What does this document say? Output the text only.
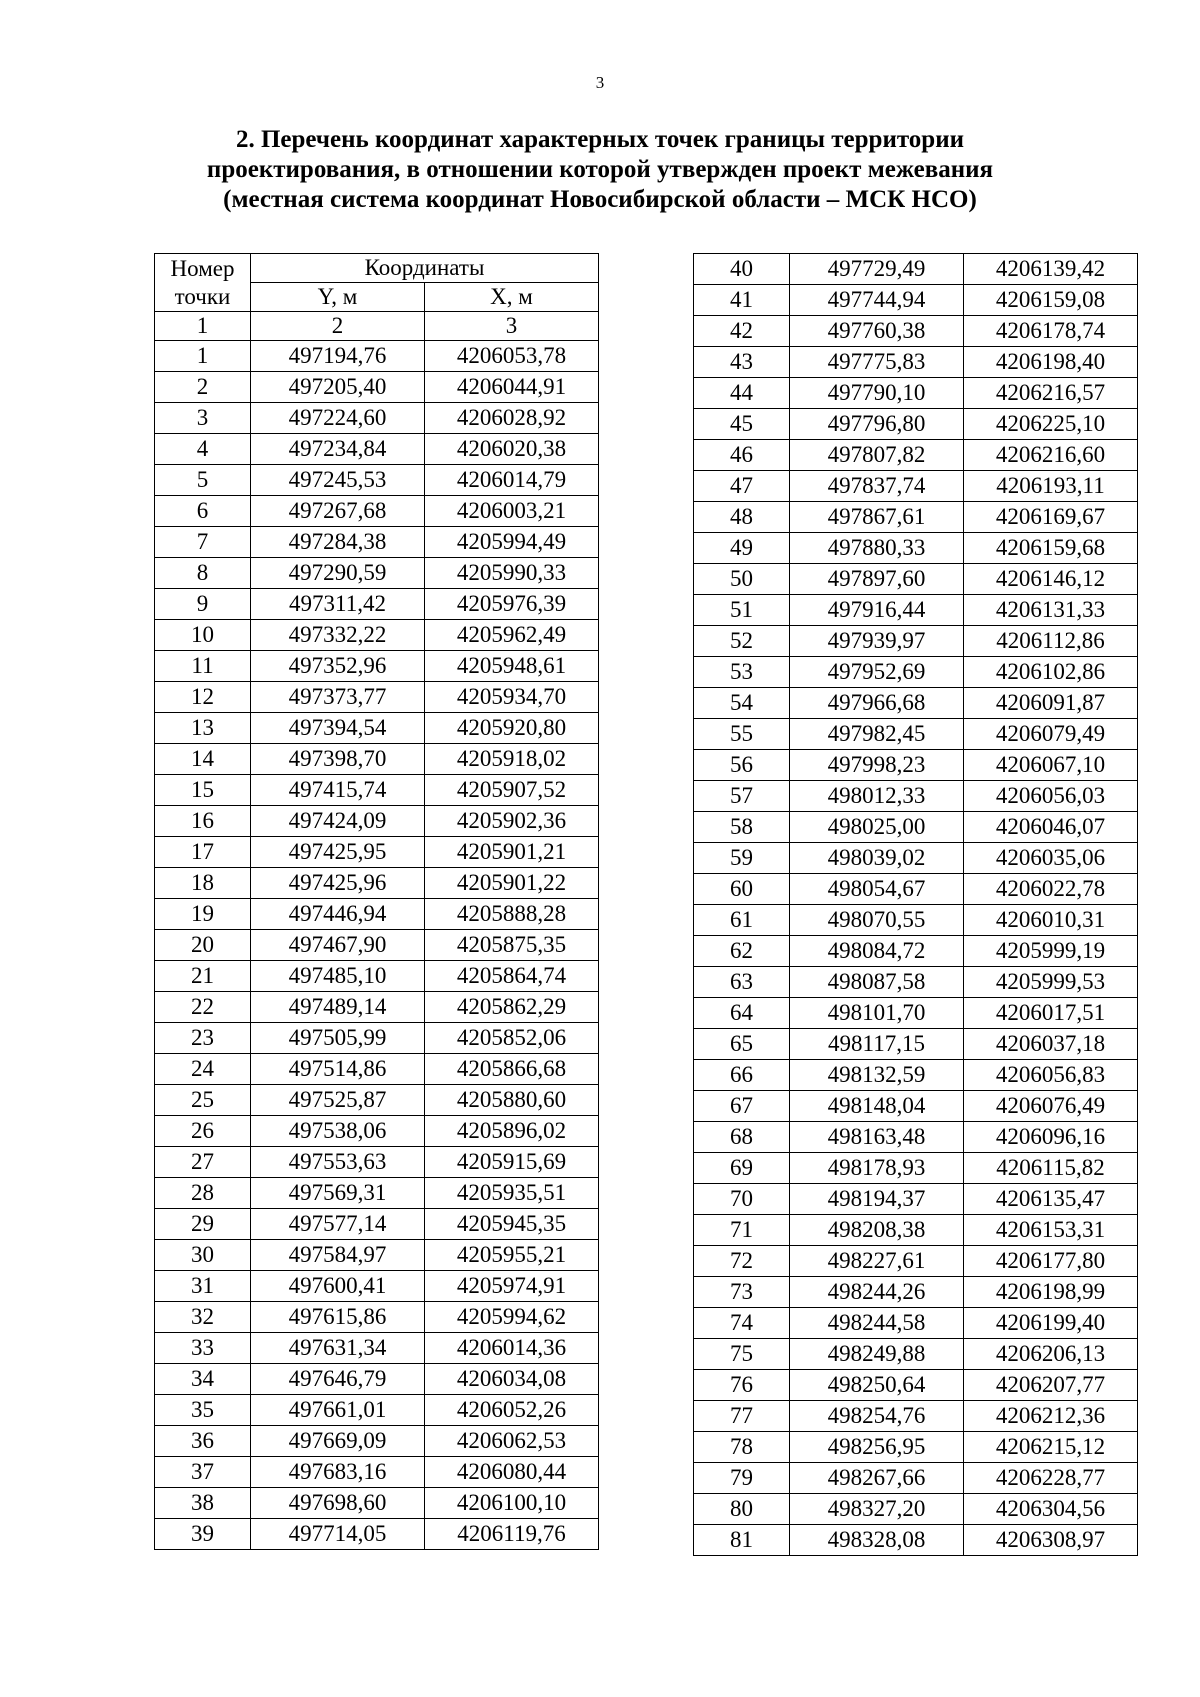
3
2. Перечень координат характерных точек границы территории
проектирования, в отношении которой утвержден проект межевания
(местная система координат Новосибирской области – МСК НСО)
Номер
точки	Координаты	
	Y, м	X, м
1	2	3
1	497194,76	4206053,78
2	497205,40	4206044,91
3	497224,60	4206028,92
4	497234,84	4206020,38
5	497245,53	4206014,79
6	497267,68	4206003,21
7	497284,38	4205994,49
8	497290,59	4205990,33
9	497311,42	4205976,39
10	497332,22	4205962,49
11	497352,96	4205948,61
12	497373,77	4205934,70
13	497394,54	4205920,80
14	497398,70	4205918,02
15	497415,74	4205907,52
16	497424,09	4205902,36
17	497425,95	4205901,21
18	497425,96	4205901,22
19	497446,94	4205888,28
20	497467,90	4205875,35
21	497485,10	4205864,74
22	497489,14	4205862,29
23	497505,99	4205852,06
24	497514,86	4205866,68
25	497525,87	4205880,60
26	497538,06	4205896,02
27	497553,63	4205915,69
28	497569,31	4205935,51
29	497577,14	4205945,35
30	497584,97	4205955,21
31	497600,41	4205974,91
32	497615,86	4205994,62
33	497631,34	4206014,36
34	497646,79	4206034,08
35	497661,01	4206052,26
36	497669,09	4206062,53
37	497683,16	4206080,44
38	497698,60	4206100,10
39	497714,05	4206119,76
40	497729,49	4206139,42
41	497744,94	4206159,08
42	497760,38	4206178,74
43	497775,83	4206198,40
44	497790,10	4206216,57
45	497796,80	4206225,10
46	497807,82	4206216,60
47	497837,74	4206193,11
48	497867,61	4206169,67
49	497880,33	4206159,68
50	497897,60	4206146,12
51	497916,44	4206131,33
52	497939,97	4206112,86
53	497952,69	4206102,86
54	497966,68	4206091,87
55	497982,45	4206079,49
56	497998,23	4206067,10
57	498012,33	4206056,03
58	498025,00	4206046,07
59	498039,02	4206035,06
60	498054,67	4206022,78
61	498070,55	4206010,31
62	498084,72	4205999,19
63	498087,58	4205999,53
64	498101,70	4206017,51
65	498117,15	4206037,18
66	498132,59	4206056,83
67	498148,04	4206076,49
68	498163,48	4206096,16
69	498178,93	4206115,82
70	498194,37	4206135,47
71	498208,38	4206153,31
72	498227,61	4206177,80
73	498244,26	4206198,99
74	498244,58	4206199,40
75	498249,88	4206206,13
76	498250,64	4206207,77
77	498254,76	4206212,36
78	498256,95	4206215,12
79	498267,66	4206228,77
80	498327,20	4206304,56
81	498328,08	4206308,97
